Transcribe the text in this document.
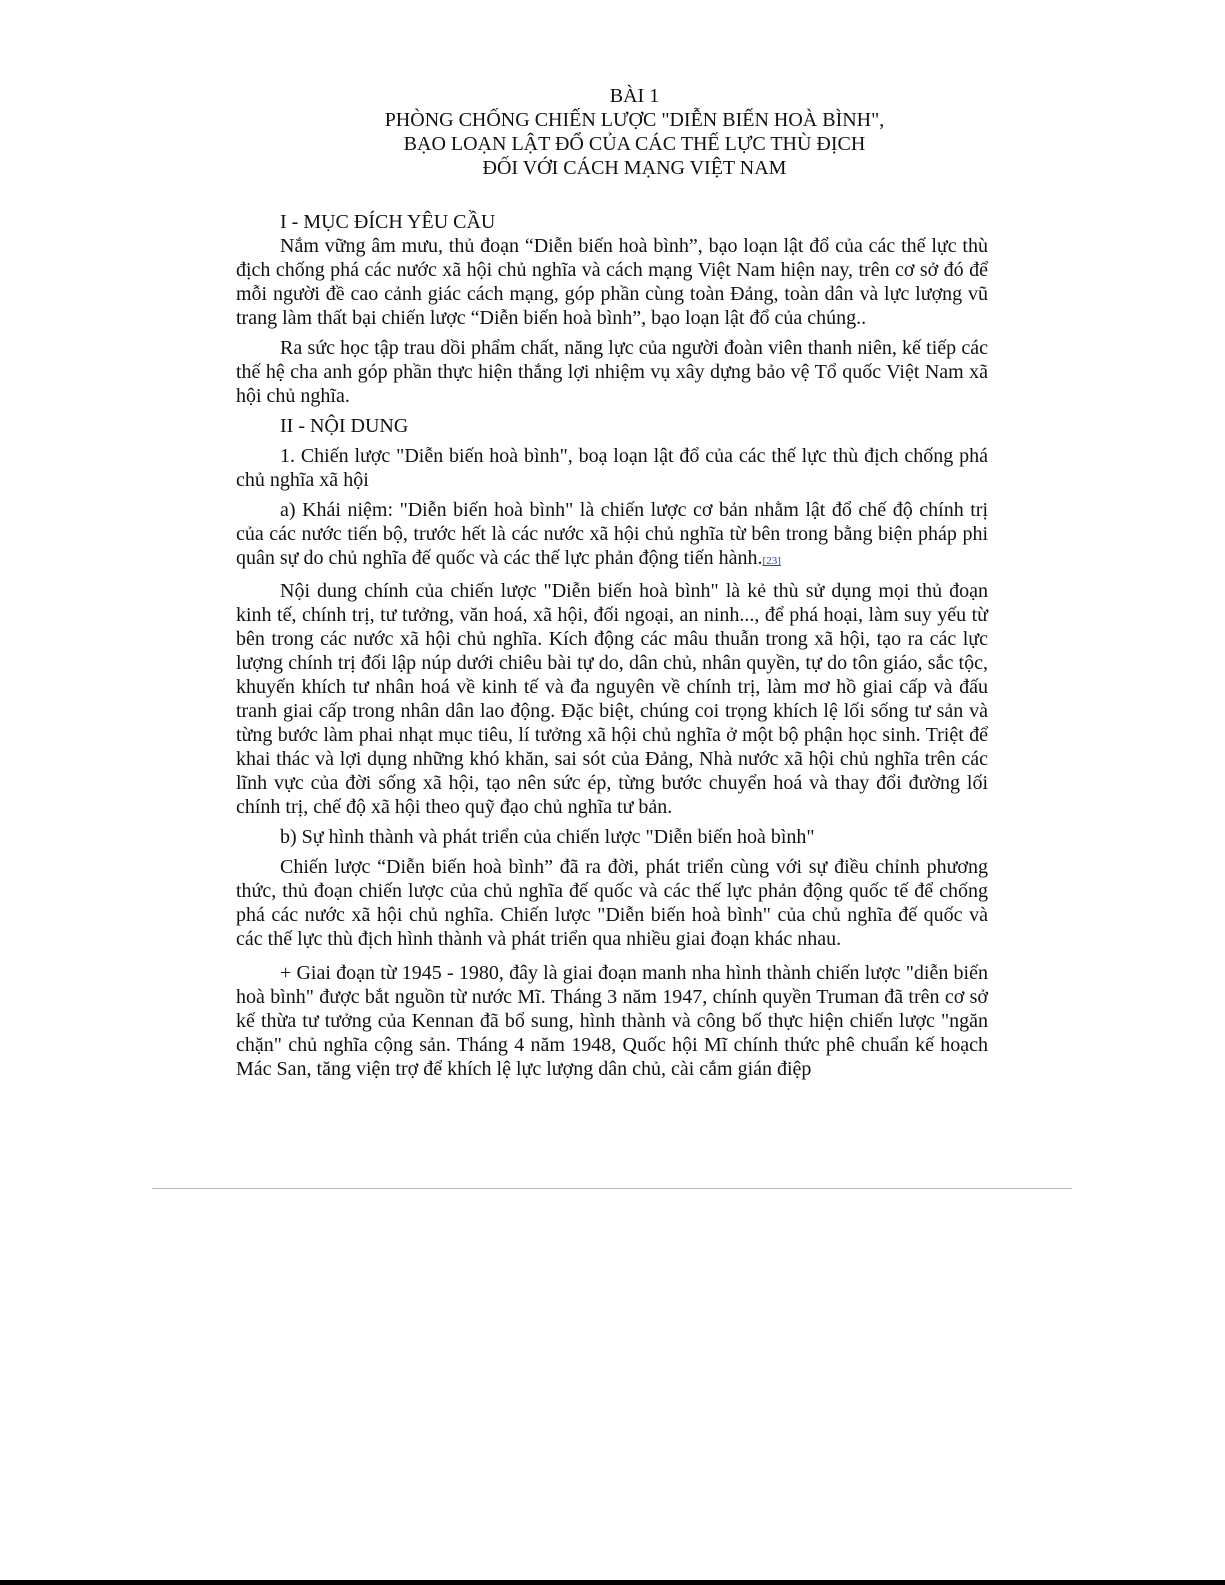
BÀI 1
PHÒNG CHỐNG CHIẾN LƯỢC "DIỄN BIẾN HOÀ BÌNH",
BẠO LOẠN LẬT ĐỔ CỦA CÁC THẾ LỰC THÙ ĐỊCH
ĐỐI VỚI CÁCH MẠNG VIỆT NAM

I - MỤC ĐÍCH YÊU CẦU

Nắm vững âm mưu, thủ đoạn “Diễn biến hoà bình”, bạo loạn lật đổ của các thế lực thù địch chống phá các nước xã hội chủ nghĩa và cách mạng Việt Nam hiện nay, trên cơ sở đó để mỗi người đề cao cảnh giác cách mạng, góp phần cùng toàn Đảng, toàn dân và lực lượng vũ trang làm thất bại chiến lược “Diễn biến hoà bình”, bạo loạn lật đổ của chúng..

Ra sức học tập trau dồi phẩm chất, năng lực của người đoàn viên thanh niên, kế tiếp các thế hệ cha anh góp phần thực hiện thắng lợi nhiệm vụ xây dựng bảo vệ Tổ quốc Việt Nam xã hội chủ nghĩa.

II - NỘI DUNG

1. Chiến lược "Diễn biến hoà bình", boạ loạn lật đổ của các thế lực thù địch chống phá chủ nghĩa xã hội

a) Khái niệm: "Diễn biến hoà bình" là chiến lược cơ bản nhằm lật đổ chế độ chính trị của các nước tiến bộ, trước hết là các nước xã hội chủ nghĩa từ bên trong bằng biện pháp phi quân sự do chủ nghĩa đế quốc và các thế lực phản động tiến hành.[23]

Nội dung chính của chiến lược "Diễn biến hoà bình" là kẻ thù sử dụng mọi thủ đoạn kinh tế, chính trị, tư tưởng, văn hoá, xã hội, đối ngoại, an ninh..., để phá hoại, làm suy yếu từ bên trong các nước xã hội chủ nghĩa. Kích động các mâu thuẫn trong xã hội, tạo ra các lực lượng chính trị đối lập núp dưới chiêu bài tự do, dân chủ, nhân quyền, tự do tôn giáo, sắc tộc, khuyến khích tư nhân hoá về kinh tế và đa nguyên về chính trị, làm mơ hồ giai cấp và đấu tranh giai cấp trong nhân dân lao động. Đặc biệt, chúng coi trọng khích lệ lối sống tư sản và từng bước làm phai nhạt mục tiêu, lí tưởng xã hội chủ nghĩa ở một bộ phận học sinh. Triệt để khai thác và lợi dụng những khó khăn, sai sót của Đảng, Nhà nước xã hội chủ nghĩa trên các lĩnh vực của đời sống xã hội, tạo nên sức ép, từng bước chuyển hoá và thay đổi đường lối chính trị, chế độ xã hội theo quỹ đạo chủ nghĩa tư bản.

b) Sự hình thành và phát triển của chiến lược "Diễn biến hoà bình"

Chiến lược “Diễn biến hoà bình” đã ra đời, phát triển cùng với sự điều chỉnh phương thức, thủ đoạn chiến lược của chủ nghĩa đế quốc và các thế lực phản động quốc tế để chống phá các nước xã hội chủ nghĩa. Chiến lược "Diễn biến hoà bình" của chủ nghĩa đế quốc và các thế lực thù địch hình thành và phát triển qua nhiều giai đoạn khác nhau.

+ Giai đoạn từ 1945 - 1980, đây là giai đoạn manh nha hình thành chiến lược "diễn biến hoà bình" được bắt nguồn từ nước Mĩ. Tháng 3 năm 1947, chính quyền Truman đã trên cơ sở kế thừa tư tưởng của Kennan đã bổ sung, hình thành và công bố thực hiện chiến lược "ngăn chặn" chủ nghĩa cộng sản. Tháng 4 năm 1948, Quốc hội Mĩ chính thức phê chuẩn kế hoạch Mác San, tăng viện trợ để khích lệ lực lượng dân chủ, cài cắm gián điệp
